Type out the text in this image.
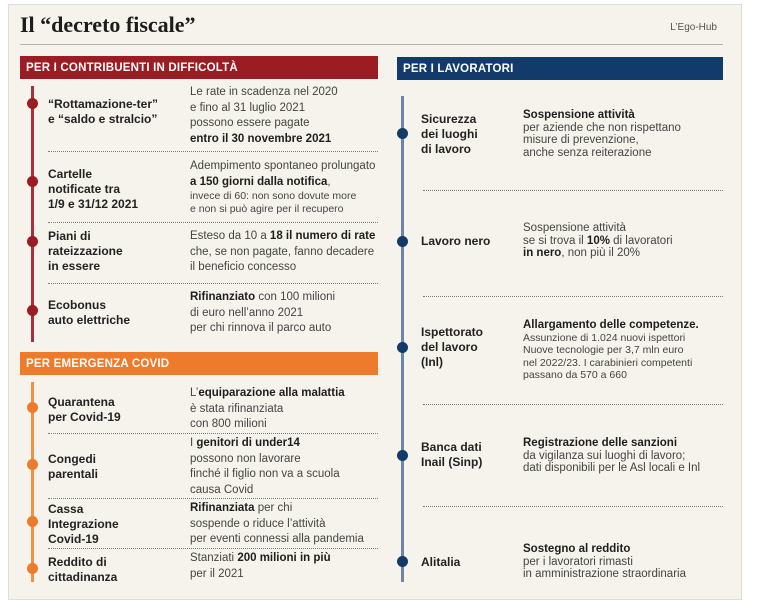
Il “decreto fiscale”	L’Ego-Hub
PER I CONTRIBUENTI IN DIFFICOLTÀ
“Rottamazione-ter”
e “saldo e stralcio”
Le rate in scadenza nel 2020
e fino al 31 luglio 2021
possono essere pagate
entro il 30 novembre 2021
Cartelle
notificate tra
1/9 e 31/12 2021
Adempimento spontaneo prolungato
a 150 giorni dalla notifica,
invece di 60: non sono dovute more
e non si può agire per il recupero
Piani di
rateizzazione
in essere
Esteso da 10 a 18 il numero di rate
che, se non pagate, fanno decadere
il beneficio concesso
Ecobonus
auto elettriche
Rifinanziato con 100 milioni
di euro nell’anno 2021
per chi rinnova il parco auto
PER EMERGENZA COVID
Quarantena
per Covid-19
L’equiparazione alla malattia
è stata rifinanziata
con 800 milioni
Congedi
parentali
I genitori di under14
possono non lavorare
finché il figlio non va a scuola
causa Covid
Cassa
Integrazione
Covid-19
Rifinanziata per chi
sospende o riduce l’attività
per eventi connessi alla pandemia
Reddito di
cittadinanza
Stanziati 200 milioni in più
per il 2021
PER I LAVORATORI
Sicurezza
dei luoghi
di lavoro
Sospensione attività
per aziende che non rispettano
misure di prevenzione,
anche senza reiterazione
Lavoro nero
Sospensione attività
se si trova il 10% di lavoratori
in nero, non più il 20%
Ispettorato
del lavoro
(Inl)
Allargamento delle competenze.
Assunzione di 1.024 nuovi ispettori
Nuove tecnologie per 3,7 mln euro
nel 2022/23. I carabinieri competenti
passano da 570 a 660
Banca dati
Inail (Sinp)
Registrazione delle sanzioni
da vigilanza sui luoghi di lavoro;
dati disponibili per le Asl locali e Inl
Alitalia
Sostegno al reddito
per i lavoratori rimasti
in amministrazione straordinaria
